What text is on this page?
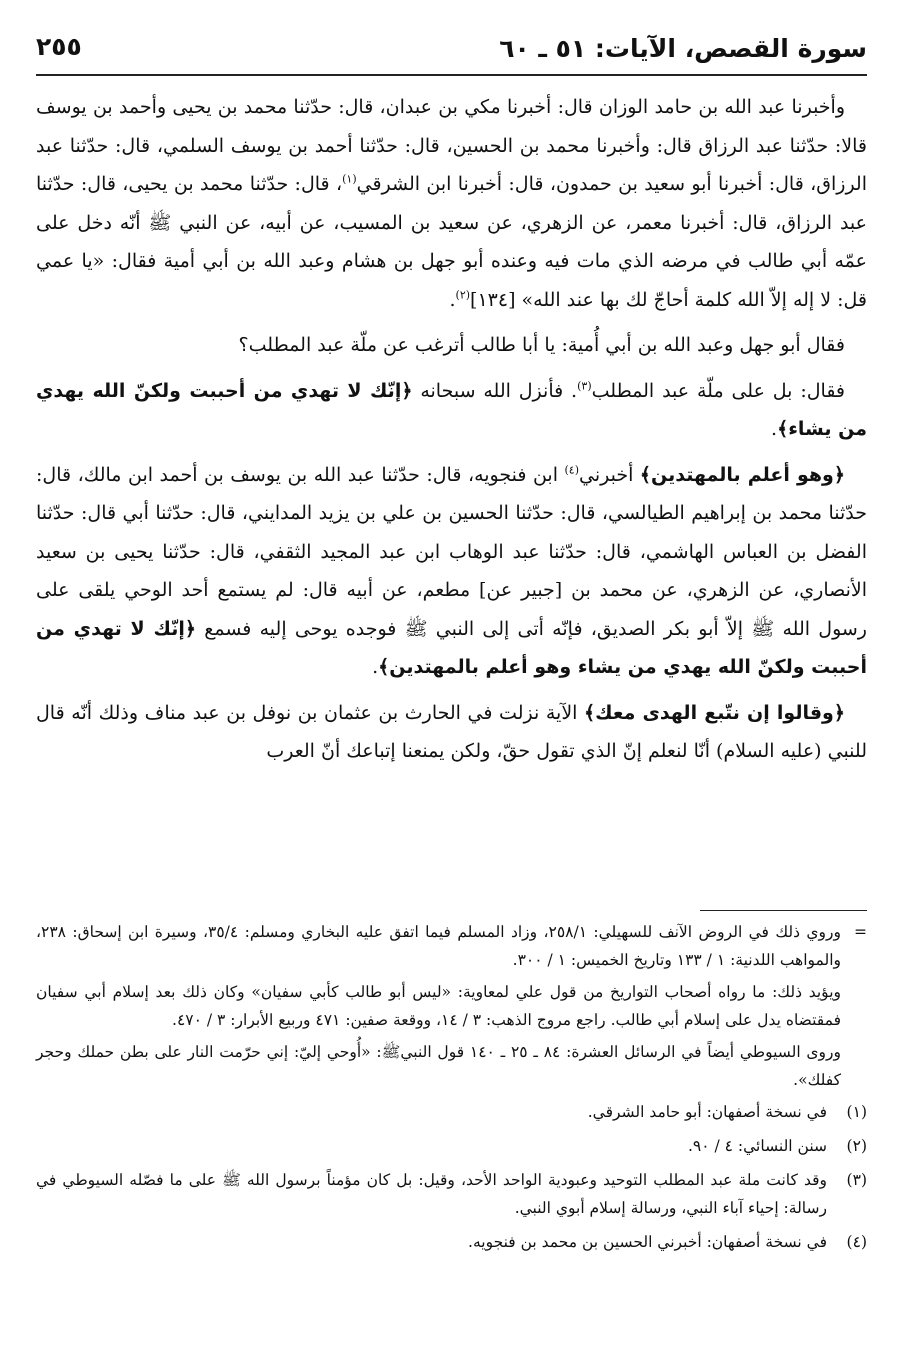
سورة القصص، الآيات: ٥١ ـ ٦٠
٢٥٥

وأخبرنا عبد الله بن حامد الوزان قال: أخبرنا مكي بن عبدان، قال: حدّثنا محمد بن يحيى وأحمد بن يوسف قالا: حدّثنا عبد الرزاق قال: وأخبرنا محمد بن الحسين، قال: حدّثنا أحمد بن يوسف السلمي، قال: حدّثنا عبد الرزاق، قال: أخبرنا أبو سعيد بن حمدون، قال: أخبرنا ابن الشرقي$^{(١)}$، قال: حدّثنا محمد بن يحيى، قال: حدّثنا عبد الرزاق، قال: أخبرنا معمر، عن الزهري، عن سعيد بن المسيب، عن أبيه، عن النبي ﷺ أنّه دخل على عمّه أبي طالب في مرضه الذي مات فيه وعنده أبو جهل بن هشام وعبد الله بن أبي أمية فقال: «يا عمي قل: لا إله إلاّ الله كلمة أحاجّ لك بها عند الله» [١٣٤]$^{(٢)}$.

فقال أبو جهل وعبد الله بن أبي أُمية: يا أبا طالب أترغب عن ملّة عبد المطلب؟

فقال: بل على ملّة عبد المطلب$^{(٣)}$. فأنزل الله سبحانه ﴿إنّك لا تهدي من أحببت ولكنّ الله يهدي من يشاء﴾.

﴿وهو أعلم بالمهتدين﴾ أخبرني$^{(٤)}$ ابن فنجويه، قال: حدّثنا عبد الله بن يوسف بن أحمد ابن مالك، قال: حدّثنا محمد بن إبراهيم الطيالسي، قال: حدّثنا الحسين بن علي بن يزيد المدايني، قال: حدّثنا أبي قال: حدّثنا الفضل بن العباس الهاشمي، قال: حدّثنا عبد الوهاب ابن عبد المجيد الثقفي، قال: حدّثنا يحيى بن سعيد الأنصاري، عن الزهري، عن محمد بن [جبير عن] مطعم، عن أبيه قال: لم يستمع أحد الوحي يلقى على رسول الله ﷺ إلاّ أبو بكر الصديق، فإنّه أتى إلى النبي ﷺ فوجده يوحى إليه فسمع ﴿إنّك لا تهدي من أحببت ولكنّ الله يهدي من يشاء وهو أعلم بالمهتدين﴾.

﴿وقالوا إن نتّبع الهدى معك﴾ الآية نزلت في الحارث بن عثمان بن نوفل بن عبد مناف وذلك أنّه قال للنبي (عليه السلام) أنّا لنعلم إنّ الذي تقول حقّ، ولكن يمنعنا إتباعك أنّ العرب

=
وروي ذلك في الروض الآنف للسهيلي: ٢٥٨/١، وزاد المسلم فيما اتفق عليه البخاري ومسلم: ٣٥/٤، وسيرة ابن إسحاق: ٢٣٨، والمواهب اللدنية: ١ / ١٣٣ وتاريخ الخميس: ١ / ٣٠٠.
ويؤيد ذلك: ما رواه أصحاب التواريخ من قول علي لمعاوية: «ليس أبو طالب كأبي سفيان» وكان ذلك بعد إسلام أبي سفيان فمقتضاه يدل على إسلام أبي طالب. راجع مروج الذهب: ٣ / ١٤، ووقعة صفين: ٤٧١ وربيع الأبرار: ٣ / ٤٧٠.
وروى السيوطي أيضاً في الرسائل العشرة: ٨٤ ـ ٢٥ ـ ١٤٠ قول النبيﷺ: «أُوحي إليّ: إني حرّمت النار على بطن حملك وحجر كفلك».
(١)
في نسخة أصفهان: أبو حامد الشرقي.
(٢)
سنن النسائي: ٤ / ٩٠.
(٣)
وقد كانت ملة عبد المطلب التوحيد وعبودية الواحد الأحد، وقيل: بل كان مؤمناً برسول الله ﷺ على ما فصّله السيوطي في رسالة: إحياء آباء النبي، ورسالة إسلام أبوي النبي.
(٤)
في نسخة أصفهان: أخبرني الحسين بن محمد بن فنجويه.
